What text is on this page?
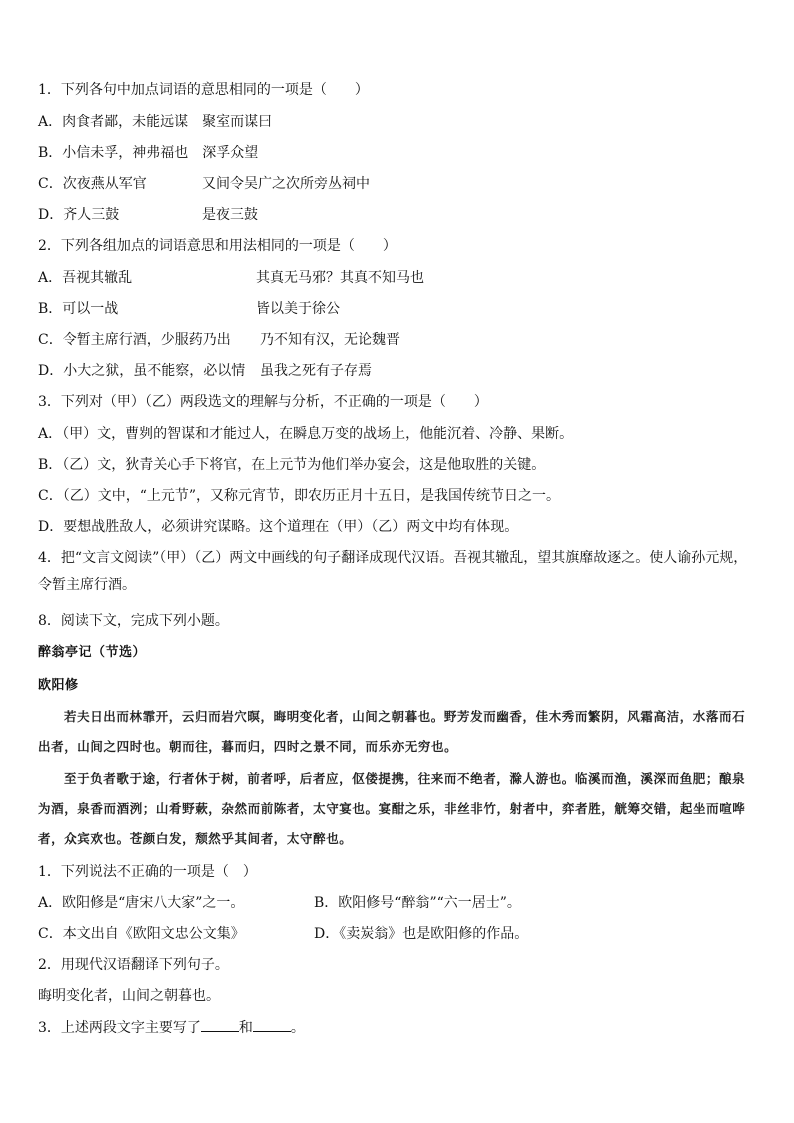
1．下列各句中加点词语的意思相同的一项是（　　）
A．肉食者鄙，未能远谋 聚室而谋曰
B．小信未孚，神弗福也 深孚众望
C．次夜燕从军官	又间令吴广之次所旁丛祠中
D．齐人三鼓	是夜三鼓
2．下列各组加点的词语意思和用法相同的一项是（　　）
A．吾视其辙乱	其真无马邪？其真不知马也
B．可以一战	皆以美于徐公
C．令暂主席行酒，少服药乃出 乃不知有汉，无论魏晋
D．小大之狱，虽不能察，必以情 虽我之死有子存焉
3．下列对（甲）（乙）两段选文的理解与分析，不正确的一项是（　　）
A．（甲）文，曹刿的智谋和才能过人，在瞬息万变的战场上，他能沉着、冷静、果断。
B．（乙）文，狄青关心手下将官，在上元节为他们举办宴会，这是他取胜的关键。
C．（乙）文中，“上元节”，又称元宵节，即农历正月十五日，是我国传统节日之一。
D．要想战胜敌人，必须讲究谋略。这个道理在（甲）（乙）两文中均有体现。
4．把“文言文阅读”（甲）（乙）两文中画线的句子翻译成现代汉语。吾视其辙乱，望其旗靡故逐之。使人谕孙元规，令暂主席行酒。
8．阅读下文，完成下列小题。
醉翁亭记（节选）
欧阳修
若夫日出而林霏开，云归而岩穴暝，晦明变化者，山间之朝暮也。野芳发而幽香，佳木秀而繁阴，风霜高洁，水落而石出者，山间之四时也。朝而往，暮而归，四时之景不同，而乐亦无穷也。
至于负者歌于途，行者休于树，前者呼，后者应，伛偻提携，往来而不绝者，滁人游也。临溪而渔，溪深而鱼肥；酿泉为酒，泉香而酒洌；山肴野蔌，杂然而前陈者，太守宴也。宴酣之乐，非丝非竹，射者中，弈者胜，觥筹交错，起坐而喧哗者，众宾欢也。苍颜白发，颓然乎其间者，太守醉也。
1．下列说法不正确的一项是（　）
A．欧阳修是“唐宋八大家”之一。	B．欧阳修号“醉翁”“六一居士”。
C．本文出自《欧阳文忠公文集》	D．《卖炭翁》也是欧阳修的作品。
2．用现代汉语翻译下列句子。
晦明变化者，山间之朝暮也。
3．上述两段文字主要写了	和	。
